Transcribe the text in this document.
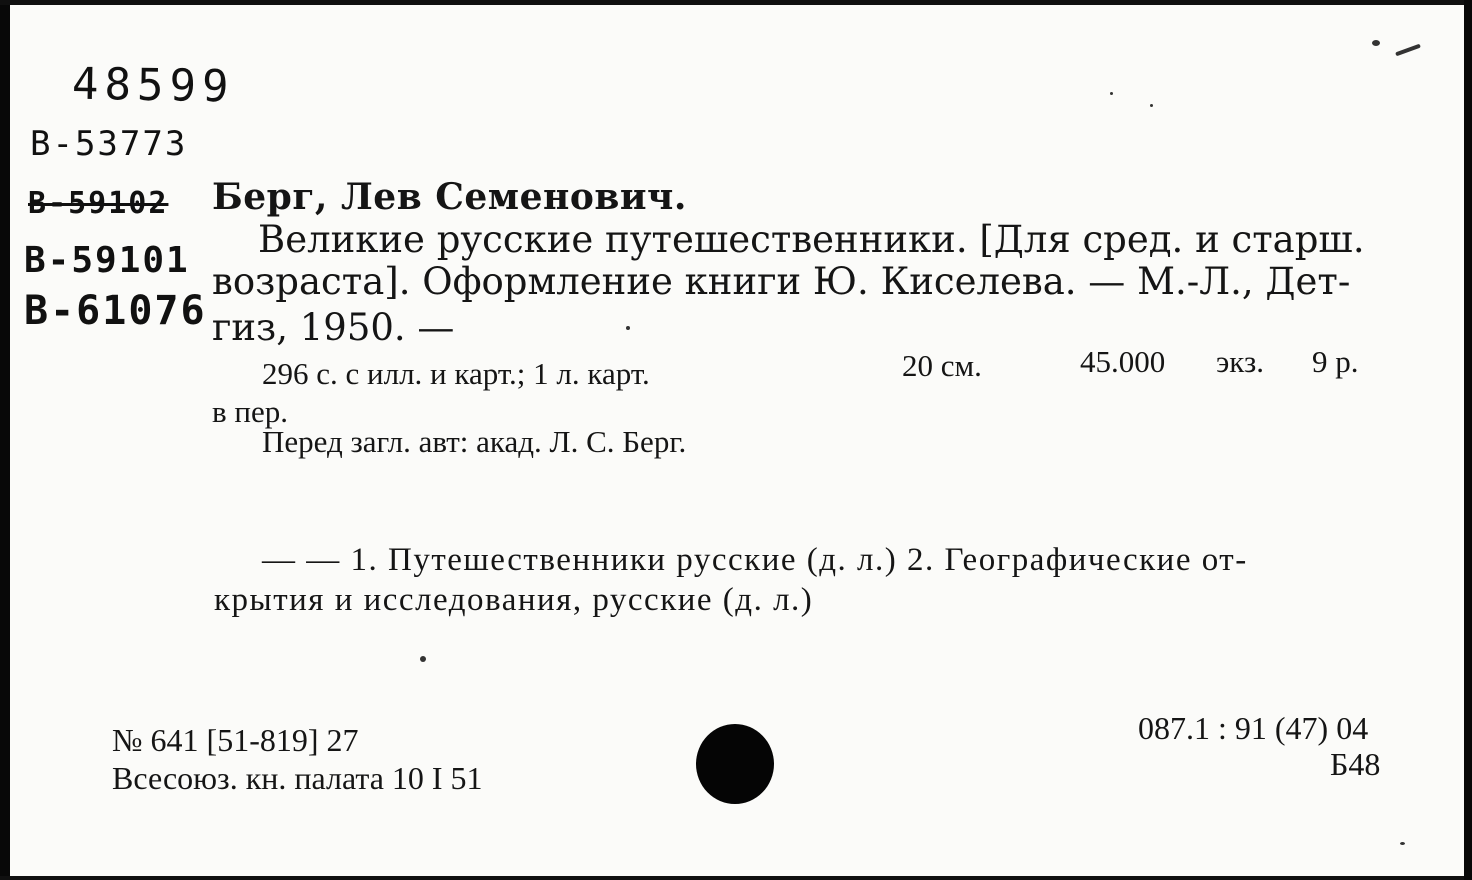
48599
В-53773
В-59102
В-59101
В-61076
Берг, Лев Семенович.
Великие русские путешественники. [Для сред. и старш.
возраста]. Оформление книги Ю. Киселева. — М.-Л., Дет-
гиз, 1950. —
296 с. с илл. и карт.; 1 л. карт.	20 см.	45.000 экз. 9 р.
в пер.
Перед загл. авт: акад. Л. С. Берг.
— — 1. Путешественники русские (д. л.) 2. Географические от-
крытия и исследования, русские (д. л.)
№ 641 [51-819] 27
Всесоюз. кн. палата 10 I 51
087.1 : 91 (47) 04
Б48
